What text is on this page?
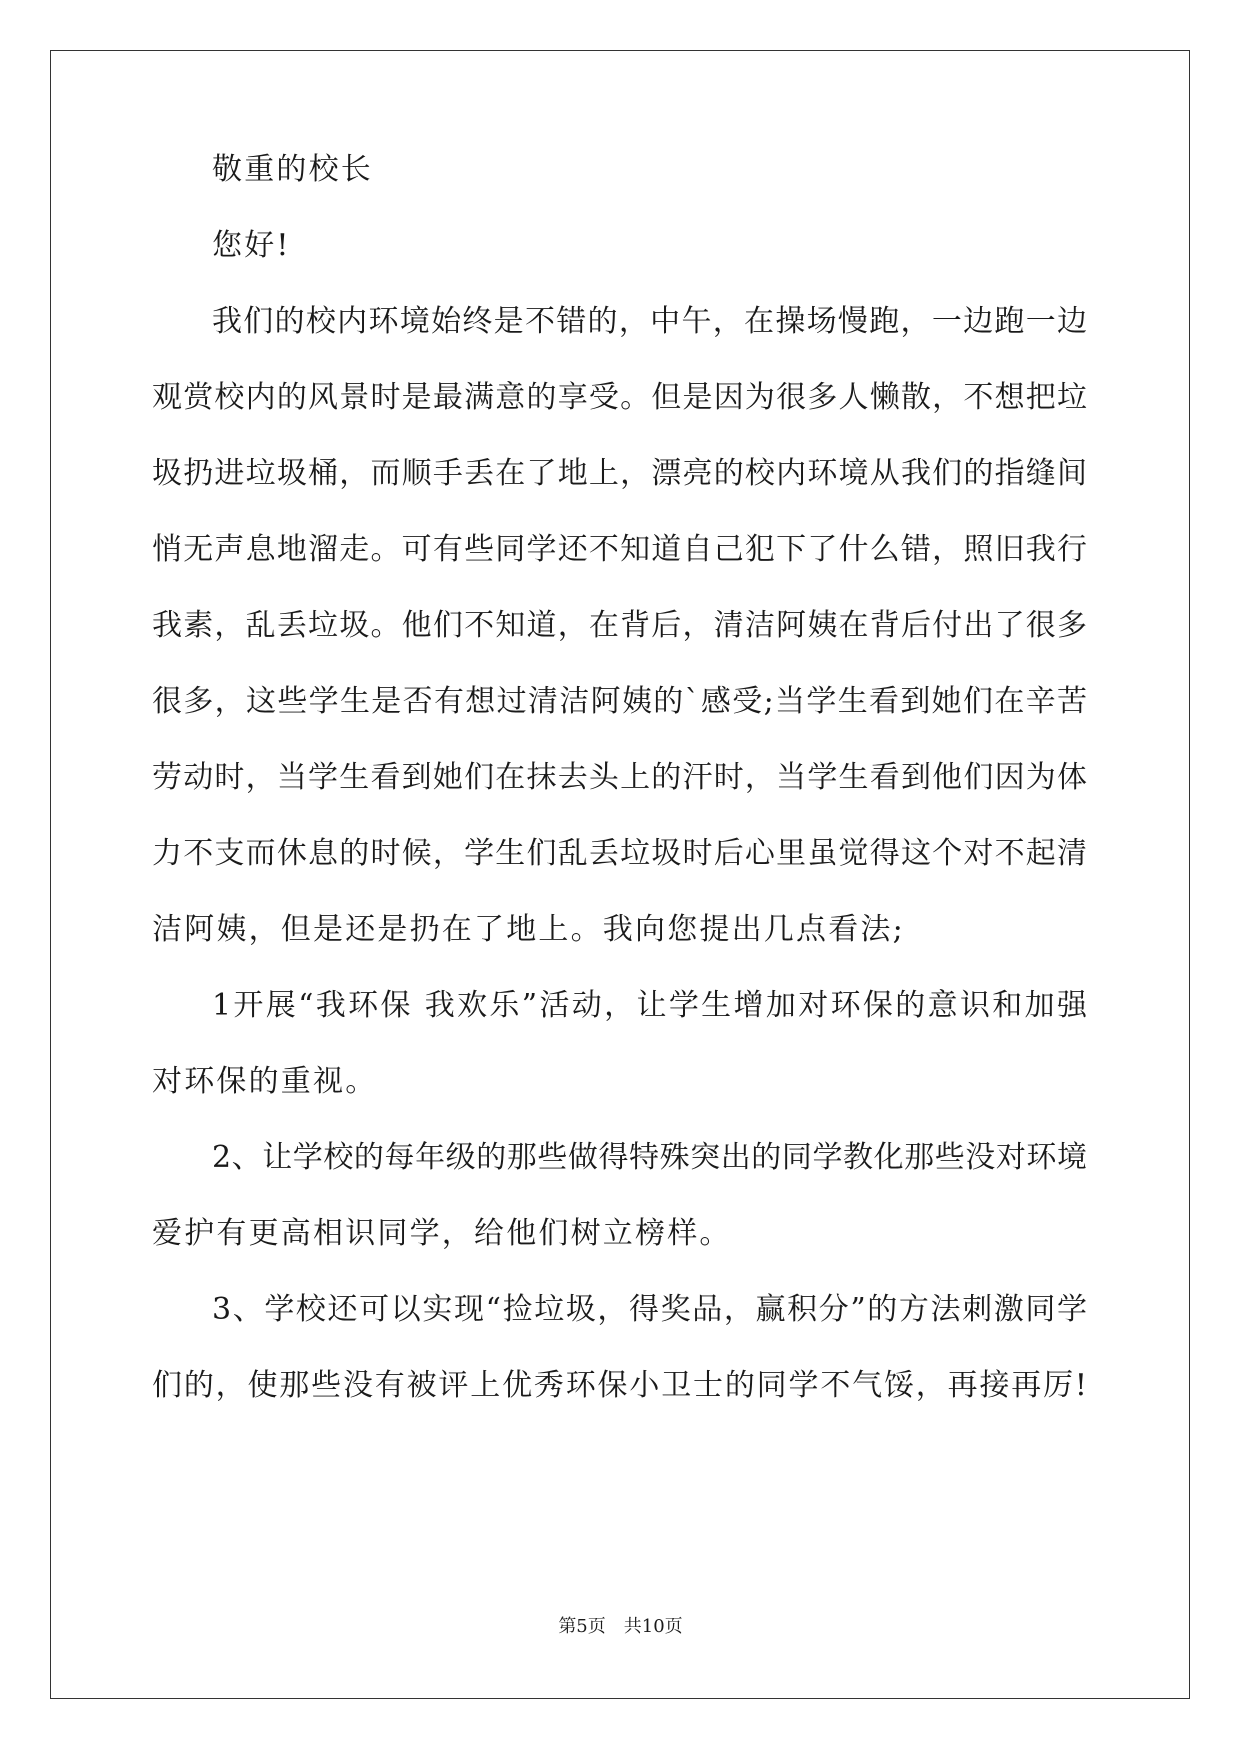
敬重的校长
您好!
我们的校内环境始终是不错的，中午，在操场慢跑，一边跑一边
观赏校内的风景时是最满意的享受。但是因为很多人懒散，不想把垃
圾扔进垃圾桶，而顺手丢在了地上，漂亮的校内环境从我们的指缝间
悄无声息地溜走。可有些同学还不知道自己犯下了什么错，照旧我行
我素，乱丢垃圾。他们不知道，在背后，清洁阿姨在背后付出了很多
很多，这些学生是否有想过清洁阿姨的`感受;当学生看到她们在辛苦
劳动时，当学生看到她们在抹去头上的汗时，当学生看到他们因为体
力不支而休息的时候，学生们乱丢垃圾时后心里虽觉得这个对不起清
洁阿姨，但是还是扔在了地上。我向您提出几点看法;
1开展“我环保 我欢乐”活动，让学生增加对环保的意识和加强
对环保的重视。
2、让学校的每年级的那些做得特殊突出的同学教化那些没对环境
爱护有更高相识同学，给他们树立榜样。
3、学校还可以实现“捡垃圾，得奖品，赢积分”的方法刺激同学
们的，使那些没有被评上优秀环保小卫士的同学不气馁，再接再厉!
第5页　共10页
